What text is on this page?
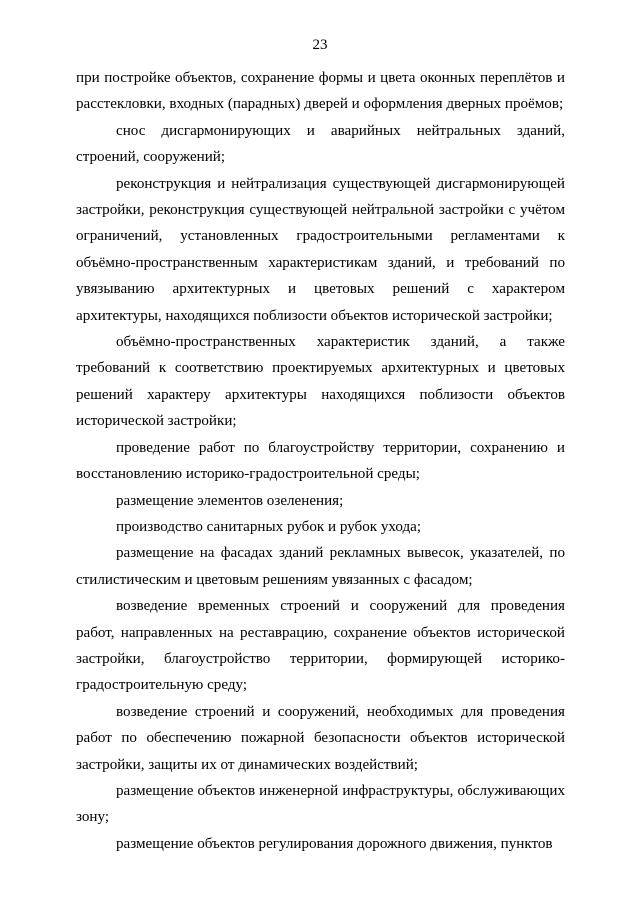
23

при постройке объектов, сохранение формы и цвета оконных переплётов и расстекловки, входных (парадных) дверей и оформления дверных проёмов;

снос дисгармонирующих и аварийных нейтральных зданий, строений, сооружений;

реконструкция и нейтрализация существующей дисгармонирующей застройки, реконструкция существующей нейтральной застройки с учётом ограничений, установленных градостроительными регламентами к объёмно-пространственным характеристикам зданий, и требований по увязыванию архитектурных и цветовых решений с характером архитектуры, находящихся поблизости объектов исторической застройки;

объёмно-пространственных характеристик зданий, а также требований к соответствию проектируемых архитектурных и цветовых решений характеру архитектуры находящихся поблизости объектов исторической застройки;

проведение работ по благоустройству территории, сохранению и восстановлению историко-градостроительной среды;

размещение элементов озеленения;

производство санитарных рубок и рубок ухода;

размещение на фасадах зданий рекламных вывесок, указателей, по стилистическим и цветовым решениям увязанных с фасадом;

возведение временных строений и сооружений для проведения работ, направленных на реставрацию, сохранение объектов исторической застройки, благоустройство территории, формирующей историко-градостроительную среду;

возведение строений и сооружений, необходимых для проведения работ по обеспечению пожарной безопасности объектов исторической застройки, защиты их от динамических воздействий;

размещение объектов инженерной инфраструктуры, обслуживающих зону;

размещение объектов регулирования дорожного движения, пунктов
